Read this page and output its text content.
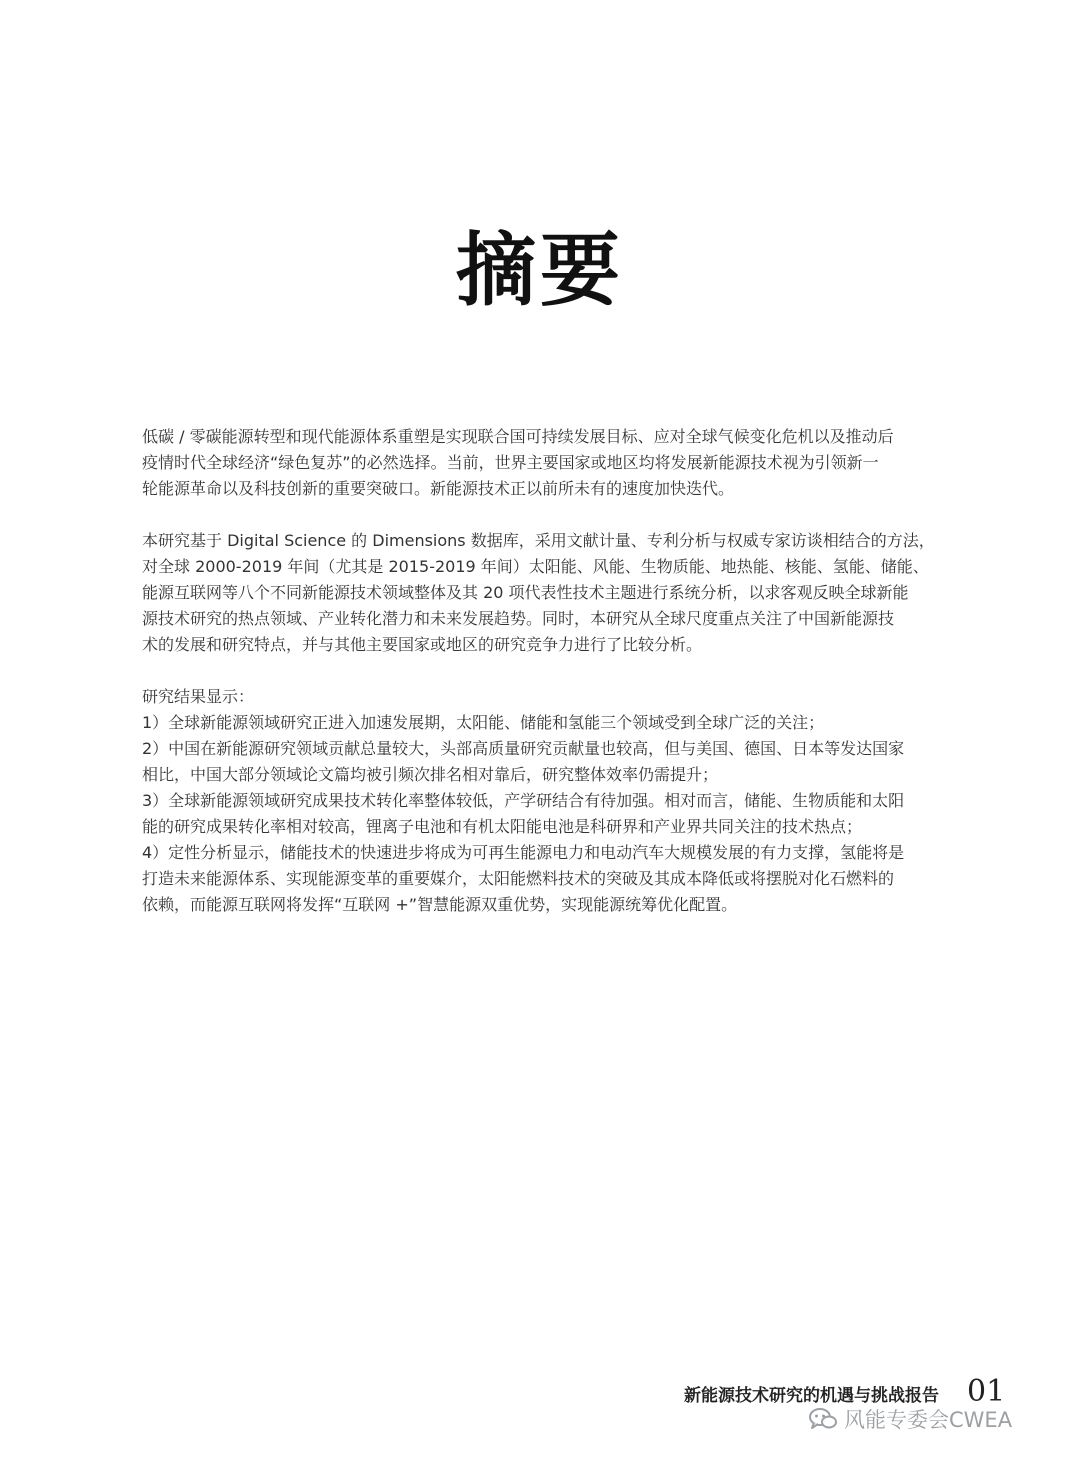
摘要
低碳 / 零碳能源转型和现代能源体系重塑是实现联合国可持续发展目标、应对全球气候变化危机以及推动后
疫情时代全球经济“绿色复苏”的必然选择。当前，世界主要国家或地区均将发展新能源技术视为引领新一
轮能源革命以及科技创新的重要突破口。新能源技术正以前所未有的速度加快迭代。
本研究基于 Digital Science 的 Dimensions 数据库，采用文献计量、专利分析与权威专家访谈相结合的方法，
对全球 2000-2019 年间（尤其是 2015-2019 年间）太阳能、风能、生物质能、地热能、核能、氢能、储能、
能源互联网等八个不同新能源技术领域整体及其 20 项代表性技术主题进行系统分析，以求客观反映全球新能
源技术研究的热点领域、产业转化潜力和未来发展趋势。同时，本研究从全球尺度重点关注了中国新能源技
术的发展和研究特点，并与其他主要国家或地区的研究竞争力进行了比较分析。
研究结果显示：
1）全球新能源领域研究正进入加速发展期，太阳能、储能和氢能三个领域受到全球广泛的关注；
2）中国在新能源研究领域贡献总量较大，头部高质量研究贡献量也较高，但与美国、德国、日本等发达国家
相比，中国大部分领域论文篇均被引频次排名相对靠后，研究整体效率仍需提升；
3）全球新能源领域研究成果技术转化率整体较低，产学研结合有待加强。相对而言，储能、生物质能和太阳
能的研究成果转化率相对较高，锂离子电池和有机太阳能电池是科研界和产业界共同关注的技术热点；
4）定性分析显示，储能技术的快速进步将成为可再生能源电力和电动汽车大规模发展的有力支撑，氢能将是
打造未来能源体系、实现能源变革的重要媒介，太阳能燃料技术的突破及其成本降低或将摆脱对化石燃料的
依赖，而能源互联网将发挥“互联网 +”智慧能源双重优势，实现能源统筹优化配置。
新能源技术研究的机遇与挑战报告 01
风能专委会CWEA
